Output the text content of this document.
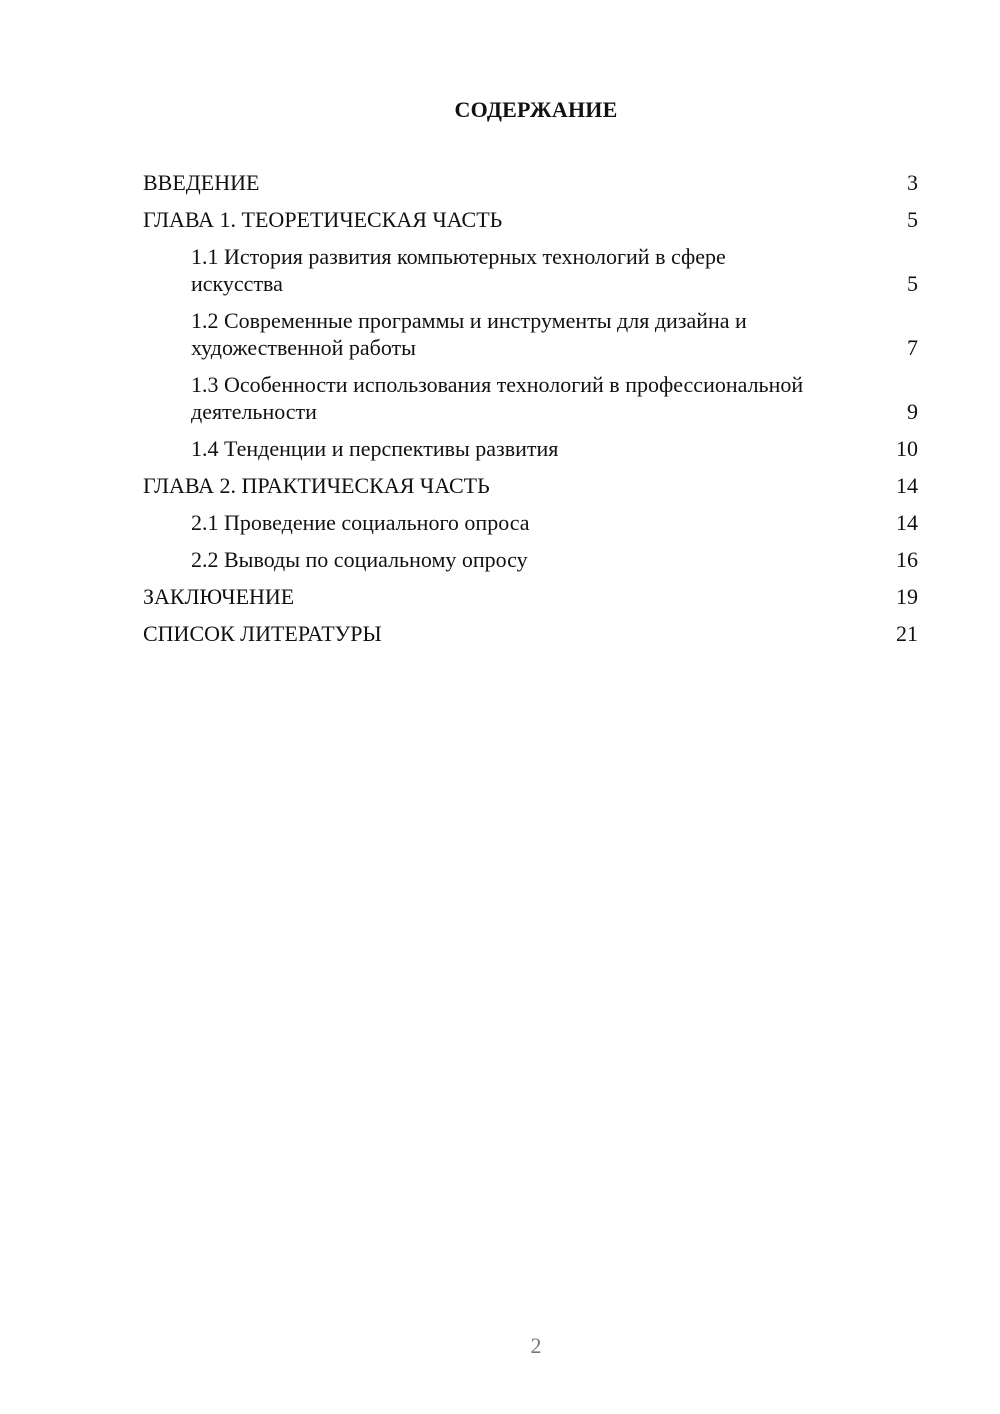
СОДЕРЖАНИЕ
ВВЕДЕНИЕ	3
ГЛАВА 1. ТЕОРЕТИЧЕСКАЯ ЧАСТЬ	5
1.1 История развития компьютерных технологий в сфере искусства	5
1.2 Современные программы и инструменты для дизайна и художественной работы	7
1.3 Особенности использования технологий в профессиональной деятельности	9
1.4 Тенденции и перспективы развития	10
ГЛАВА 2. ПРАКТИЧЕСКАЯ ЧАСТЬ	14
2.1 Проведение социального опроса	14
2.2 Выводы по социальному опросу	16
ЗАКЛЮЧЕНИЕ	19
СПИСОК ЛИТЕРАТУРЫ	21
2
